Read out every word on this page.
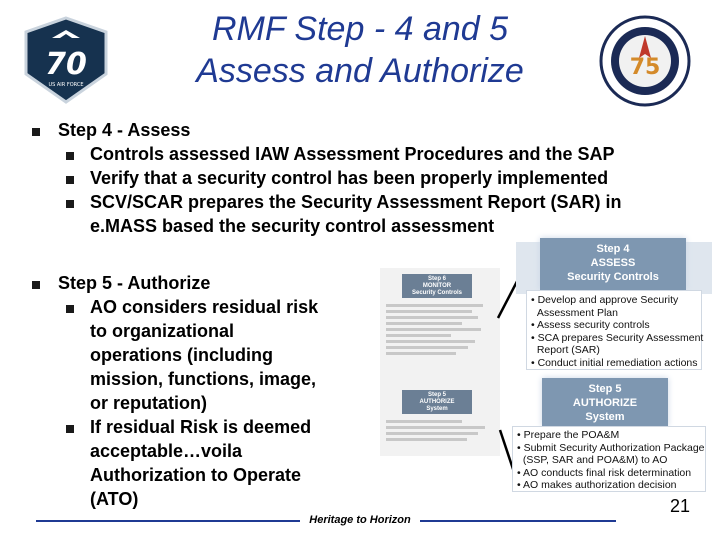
RMF Step - 4 and 5
Assess and Authorize
70
US AIR FORCE
75
Step 4 - Assess
Controls assessed IAW Assessment Procedures and the SAP
Verify that a security control has been properly implemented
SCV/SCAR prepares the Security Assessment Report (SAR) in
e.MASS based the security control assessment
Step 5 - Authorize
AO considers residual risk
to organizational
operations (including
mission, functions, image,
or reputation)
If residual Risk is deemed
acceptable…voila
Authorization to Operate
(ATO)
Step 6
MONITOR
Security Controls
Step 5
AUTHORIZE
System
Step 4
ASSESS
Security Controls
• Develop and approve Security
Assessment Plan
• Assess security controls
• SCA prepares Security Assessment
Report (SAR)
• Conduct initial remediation actions
Step 5
AUTHORIZE
System
• Prepare the POA&M
• Submit Security Authorization Package
(SSP, SAR and POA&M) to AO
• AO conducts final risk determination
• AO makes authorization decision
Heritage to Horizon
21
